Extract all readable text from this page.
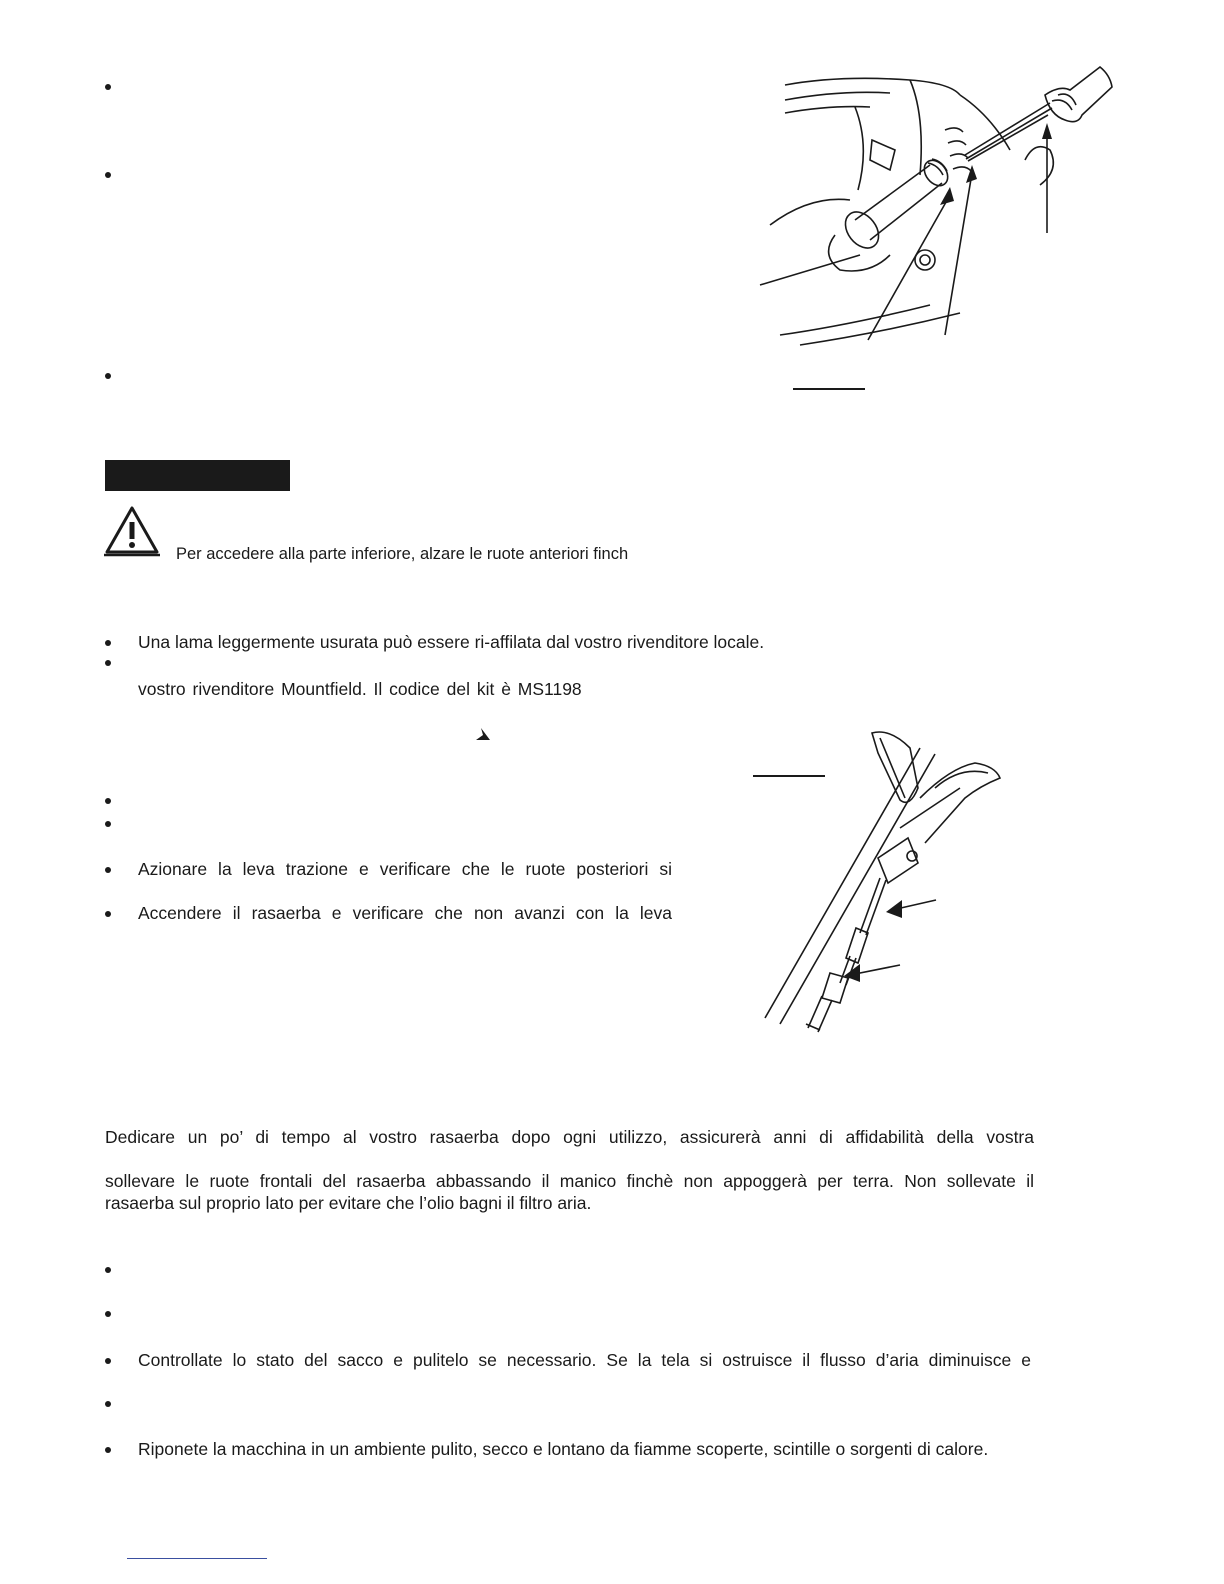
Per accedere alla parte inferiore, alzare le ruote anteriori finch
Una lama leggermente usurata può essere ri-affilata dal vostro rivenditore locale.
vostro rivenditore Mountfield. Il codice del kit è MS1198
Azionare la leva trazione e verificare che le ruote posteriori si
Accendere il rasaerba e verificare che non avanzi con la leva
Dedicare un po’ di tempo al vostro rasaerba dopo ogni utilizzo, assicurerà anni di affidabilità della vostra
sollevare le ruote frontali del rasaerba abbassando il manico finchè non appoggerà per terra. Non sollevate il
rasaerba sul proprio lato per evitare che l’olio bagni il filtro aria.
Controllate lo stato del sacco e pulitelo se necessario. Se la tela si ostruisce il flusso d’aria diminuisce e
Riponete la macchina in un ambiente pulito, secco e lontano da fiamme scoperte, scintille o sorgenti di calore.
